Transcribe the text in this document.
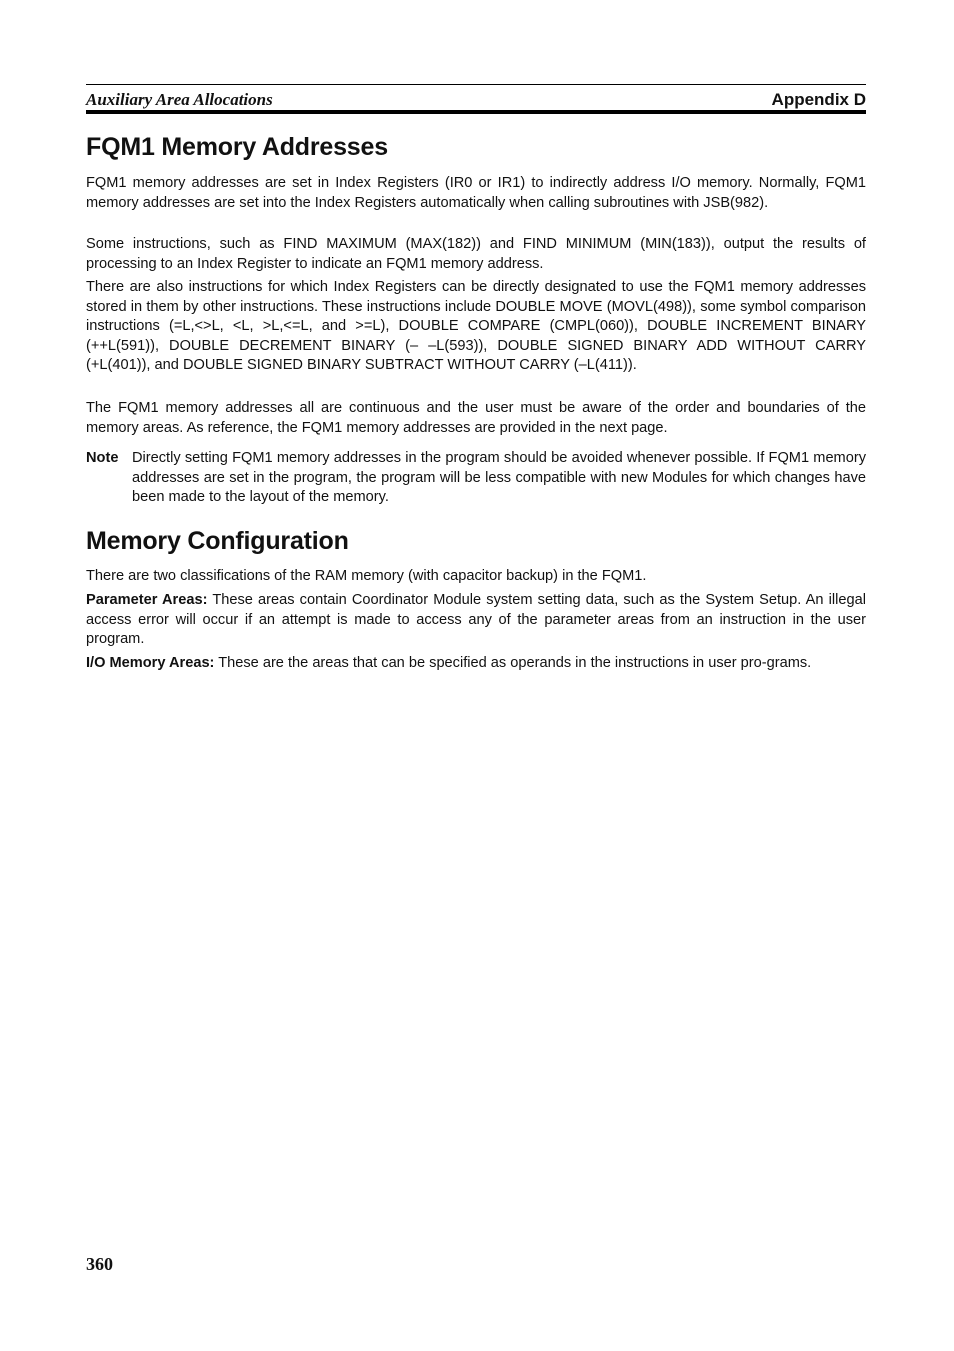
Auxiliary Area Allocations	Appendix D
FQM1 Memory Addresses

FQM1 memory addresses are set in Index Registers (IR0 or IR1) to indirectly address I/O memory. Normally, FQM1 memory addresses are set into the Index Registers automatically when calling subroutines with JSB(982).

Some instructions, such as FIND MAXIMUM (MAX(182)) and FIND MINIMUM (MIN(183)), output the results of processing to an Index Register to indicate an FQM1 memory address.

There are also instructions for which Index Registers can be directly designated to use the FQM1 memory addresses stored in them by other instructions. These instructions include DOUBLE MOVE (MOVL(498)), some symbol comparison instructions (=L,<>L, <L, >L,<=L, and >=L), DOUBLE COMPARE (CMPL(060)), DOUBLE INCREMENT BINARY (++L(591)), DOUBLE DECREMENT BINARY (– –L(593)), DOUBLE SIGNED BINARY ADD WITHOUT CARRY (+L(401)), and DOUBLE SIGNED BINARY SUBTRACT WITHOUT CARRY (–L(411)).

The FQM1 memory addresses all are continuous and the user must be aware of the order and boundaries of the memory areas. As reference, the FQM1 memory addresses are provided in the next page.

Note Directly setting FQM1 memory addresses in the program should be avoided whenever possible. If FQM1 memory addresses are set in the program, the program will be less compatible with new Modules for which changes have been made to the layout of the memory.

Memory Configuration

There are two classifications of the RAM memory (with capacitor backup) in the FQM1.

Parameter Areas: These areas contain Coordinator Module system setting data, such as the System Setup. An illegal access error will occur if an attempt is made to access any of the parameter areas from an instruction in the user program.

I/O Memory Areas: These are the areas that can be specified as operands in the instructions in user pro-grams.

360
